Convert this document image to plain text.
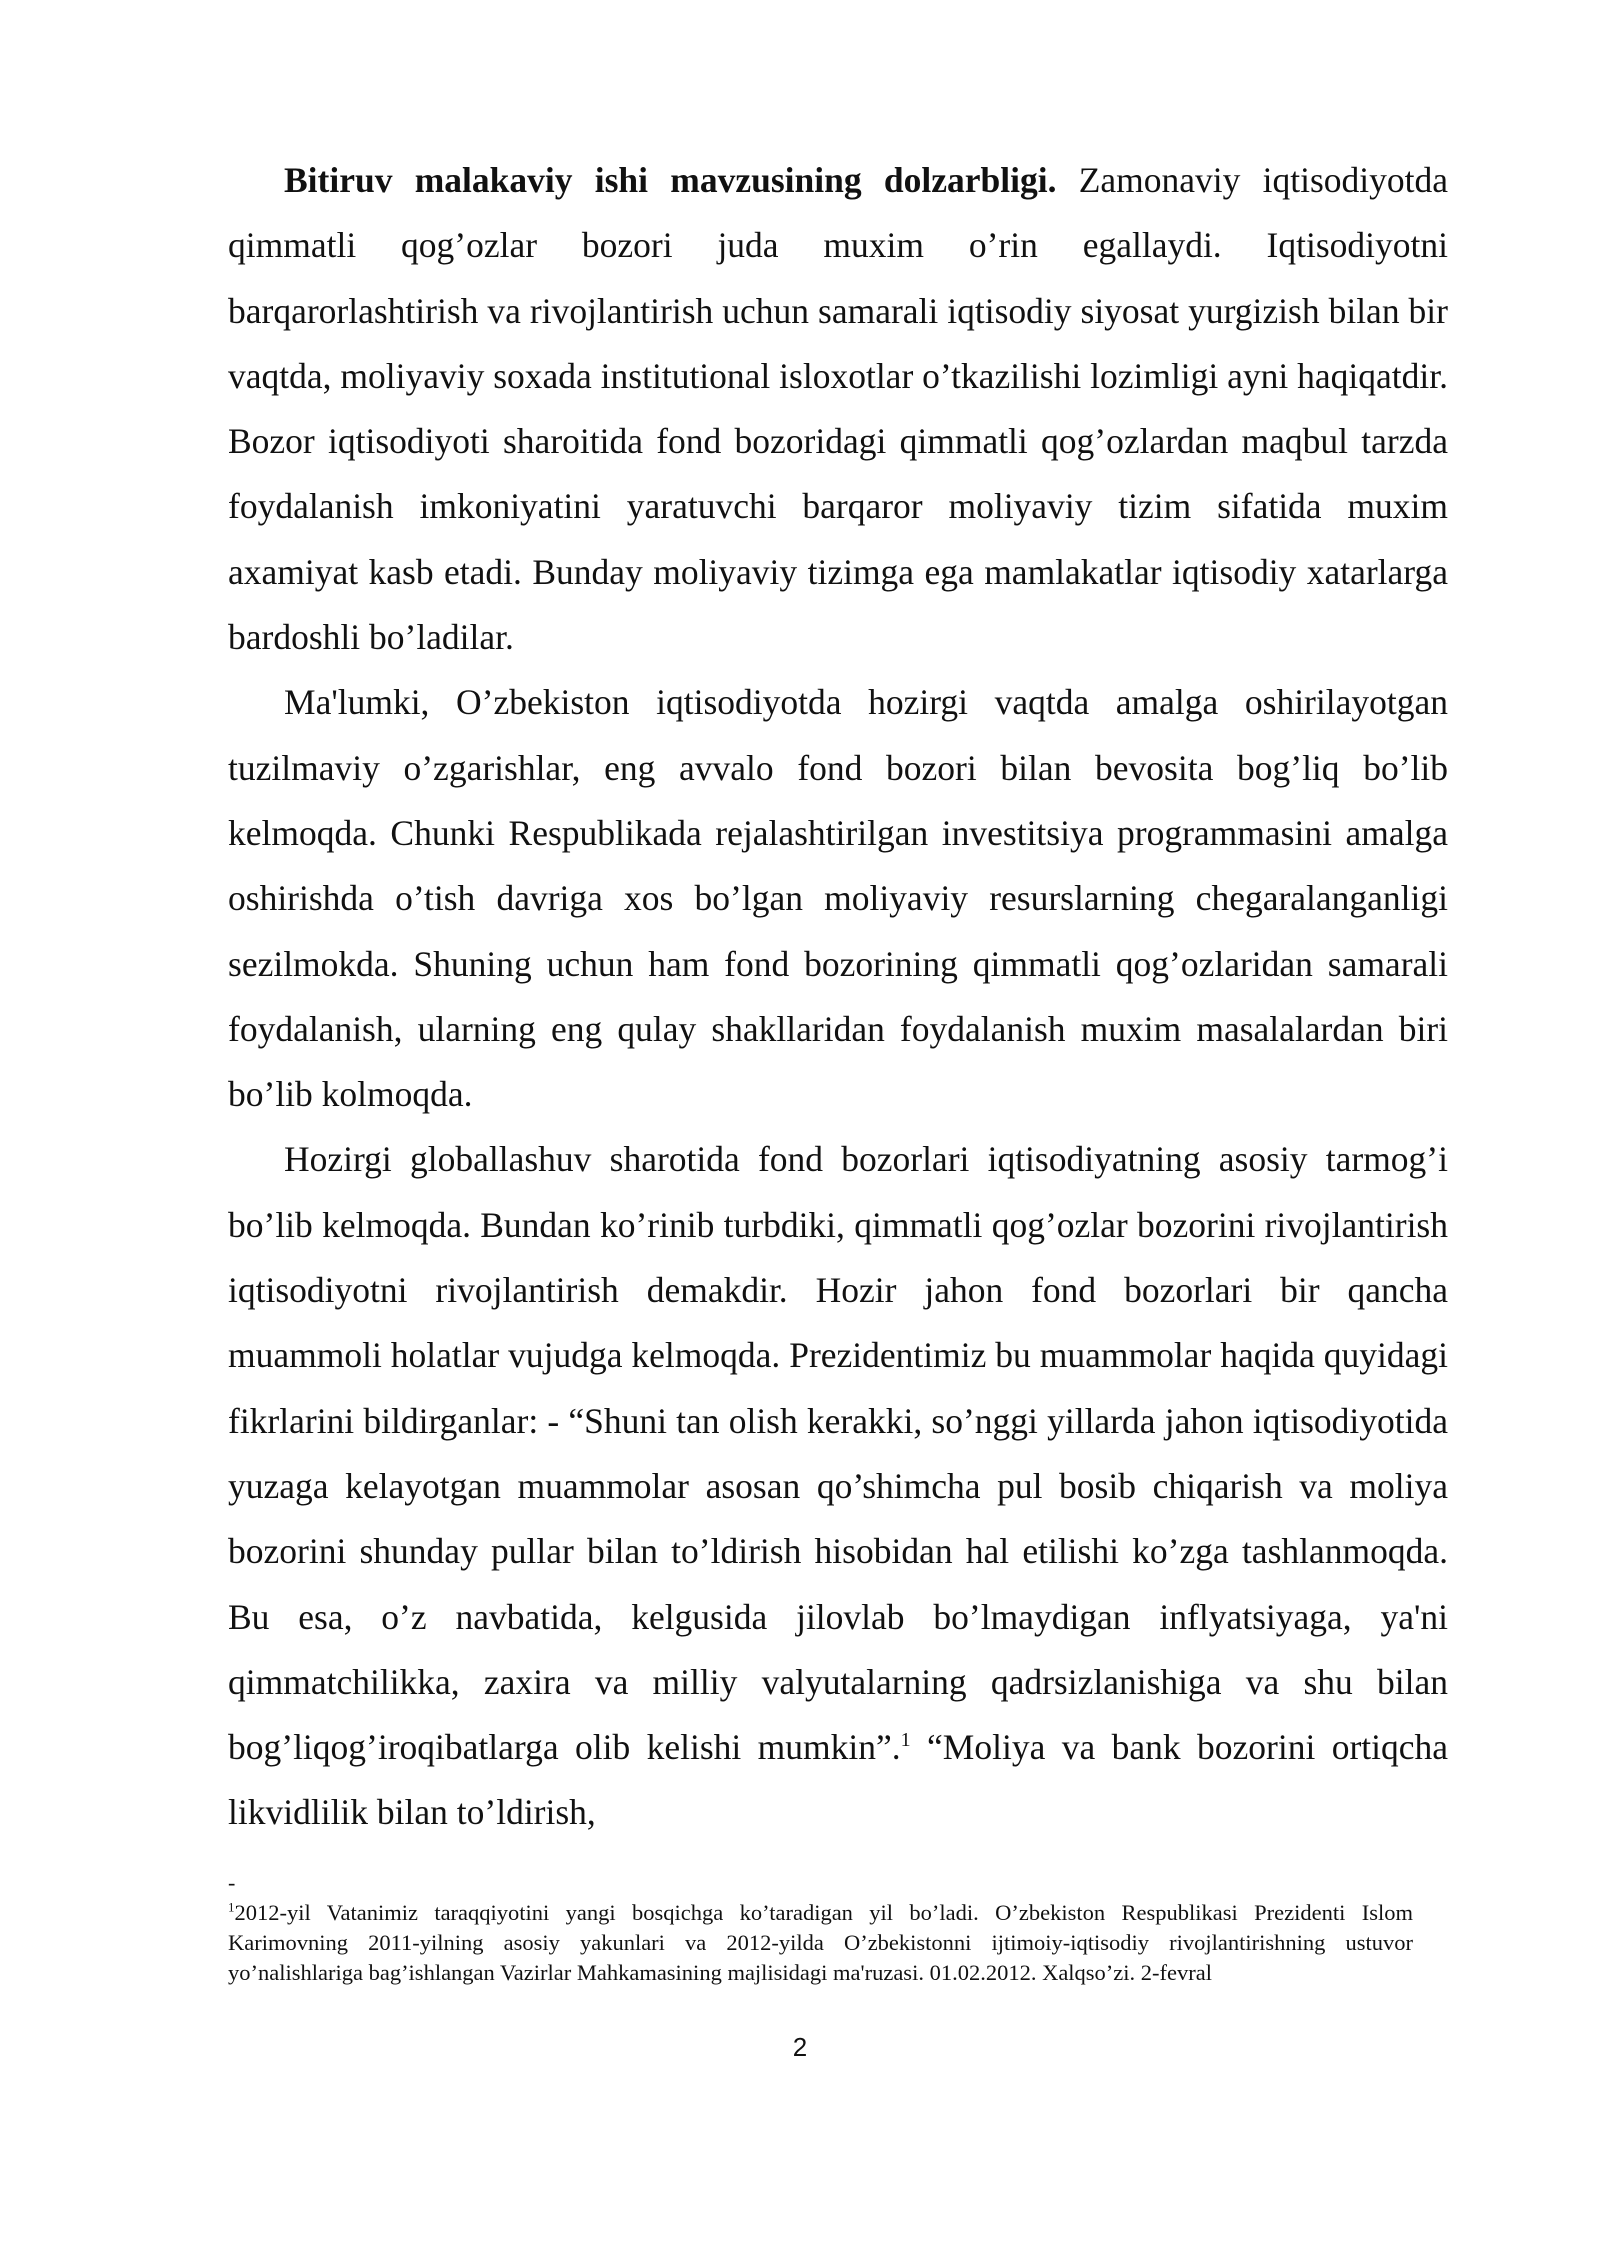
Bitiruv malakaviy ishi mavzusining dolzarbligi. Zamonaviy iqtisodiyotda qimmatli qog’ozlar bozori juda muxim o’rin egallaydi. Iqtisodiyotni barqarorlashtirish va rivojlantirish uchun samarali iqtisodiy siyosat yurgizish bilan bir vaqtda, moliyaviy soxada institutional isloxotlar o’tkazilishi lozimligi ayni haqiqatdir. Bozor iqtisodiyoti sharoitida fond bozoridagi qimmatli qog’ozlardan maqbul tarzda foydalanish imkoniyatini yaratuvchi barqaror moliyaviy tizim sifatida muxim axamiyat kasb etadi. Bunday moliyaviy tizimga ega mamlakatlar iqtisodiy xatarlarga bardoshli bo’ladilar.

Ma'lumki, O’zbekiston iqtisodiyotda hozirgi vaqtda amalga oshirilayotgan tuzilmaviy o’zgarishlar, eng avvalo fond bozori bilan bevosita bog’liq bo’lib kelmoqda. Chunki Respublikada rejalashtirilgan investitsiya programmasini amalga oshirishda o’tish davriga xos bo’lgan moliyaviy resurslarning chegaralanganligi sezilmokda. Shuning uchun ham fond bozorining qimmatli qog’ozlaridan samarali foydalanish, ularning eng qulay shakllaridan foydalanish muxim masalalardan biri bo’lib kolmoqda.

Hozirgi globallashuv sharotida fond bozorlari iqtisodiyatning asosiy tarmog’i bo’lib kelmoqda. Bundan ko’rinib turbdiki, qimmatli qog’ozlar bozorini rivojlantirish iqtisodiyotni rivojlantirish demakdir. Hozir jahon fond bozorlari bir qancha muammoli holatlar vujudga kelmoqda. Prezidentimiz bu muammolar haqida quyidagi fikrlarini bildirganlar: - “Shuni tan olish kerakki, so’nggi yillarda jahon iqtisodiyotida yuzaga kelayotgan muammolar asosan qo’shimcha pul bosib chiqarish va moliya bozorini shunday pullar bilan to’ldirish hisobidan hal etilishi ko’zga tashlanmoqda. Bu esa, o’z navbatida, kelgusida jilovlab bo’lmaydigan inflyatsiyaga, ya'ni qimmatchilikka, zaxira va milliy valyutalarning qadrsizlanishiga va shu bilan bog’liqog’iroqibatlarga olib kelishi mumkin”.$^1$ “Moliya va bank bozorini ortiqcha likvidlilik bilan to’ldirish,

-
$^1$2012-yil Vatanimiz taraqqiyotini yangi bosqichga ko’taradigan yil bo’ladi. O’zbekiston Respublikasi Prezidenti Islom Karimovning 2011-yilning asosiy yakunlari va 2012-yilda O’zbekistonni ijtimoiy-iqtisodiy rivojlantirishning ustuvor yo’nalishlariga bag’ishlangan Vazirlar Mahkamasining majlisidagi ma'ruzasi. 01.02.2012. Xalqso’zi. 2-fevral
2
